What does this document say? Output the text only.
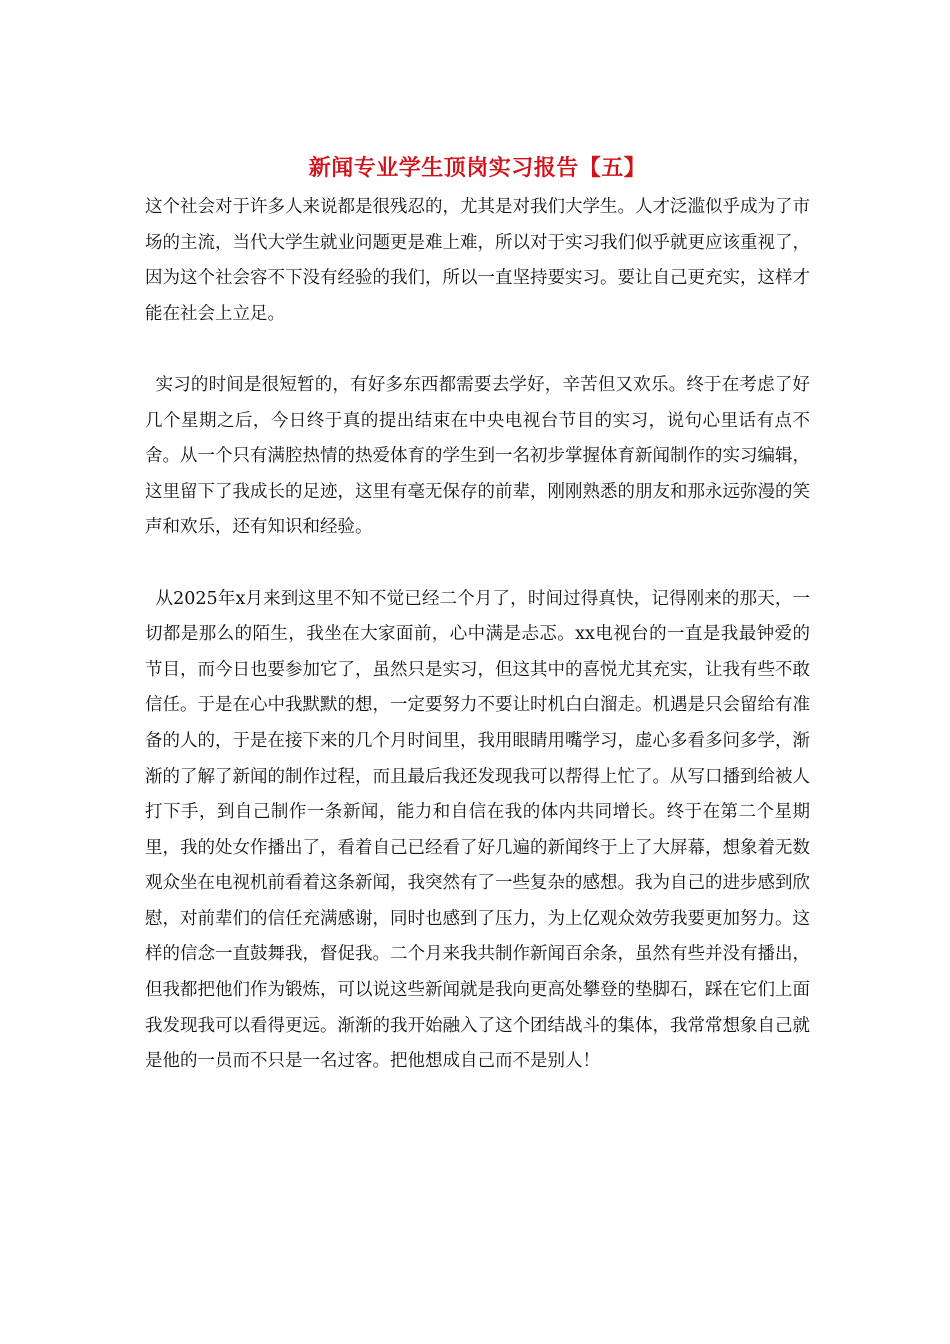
新闻专业学生顶岗实习报告【五】

这个社会对于许多人来说都是很残忍的，尤其是对我们大学生。人才泛滥似乎成为了市场的主流，当代大学生就业问题更是难上难，所以对于实习我们似乎就更应该重视了，因为这个社会容不下没有经验的我们，所以一直坚持要实习。要让自己更充实，这样才能在社会上立足。

实习的时间是很短暂的，有好多东西都需要去学好，辛苦但又欢乐。终于在考虑了好几个星期之后，今日终于真的提出结束在中央电视台节目的实习，说句心里话有点不舍。从一个只有满腔热情的热爱体育的学生到一名初步掌握体育新闻制作的实习编辑，这里留下了我成长的足迹，这里有毫无保存的前辈，刚刚熟悉的朋友和那永远弥漫的笑声和欢乐，还有知识和经验。

从2025年x月来到这里不知不觉已经二个月了，时间过得真快，记得刚来的那天，一切都是那么的陌生，我坐在大家面前，心中满是忐忑。xx电视台的一直是我最钟爱的节目，而今日也要参加它了，虽然只是实习，但这其中的喜悦尤其充实，让我有些不敢信任。于是在心中我默默的想，一定要努力不要让时机白白溜走。机遇是只会留给有准备的人的，于是在接下来的几个月时间里，我用眼睛用嘴学习，虚心多看多问多学，渐渐的了解了新闻的制作过程，而且最后我还发现我可以帮得上忙了。从写口播到给被人打下手，到自己制作一条新闻，能力和自信在我的体内共同增长。终于在第二个星期里，我的处女作播出了，看着自己已经看了好几遍的新闻终于上了大屏幕，想象着无数观众坐在电视机前看着这条新闻，我突然有了一些复杂的感想。我为自己的进步感到欣慰，对前辈们的信任充满感谢，同时也感到了压力，为上亿观众效劳我要更加努力。这样的信念一直鼓舞我，督促我。二个月来我共制作新闻百余条，虽然有些并没有播出，但我都把他们作为锻炼，可以说这些新闻就是我向更高处攀登的垫脚石，踩在它们上面我发现我可以看得更远。渐渐的我开始融入了这个团结战斗的集体，我常常想象自己就是他的一员而不只是一名过客。把他想成自己而不是别人！
